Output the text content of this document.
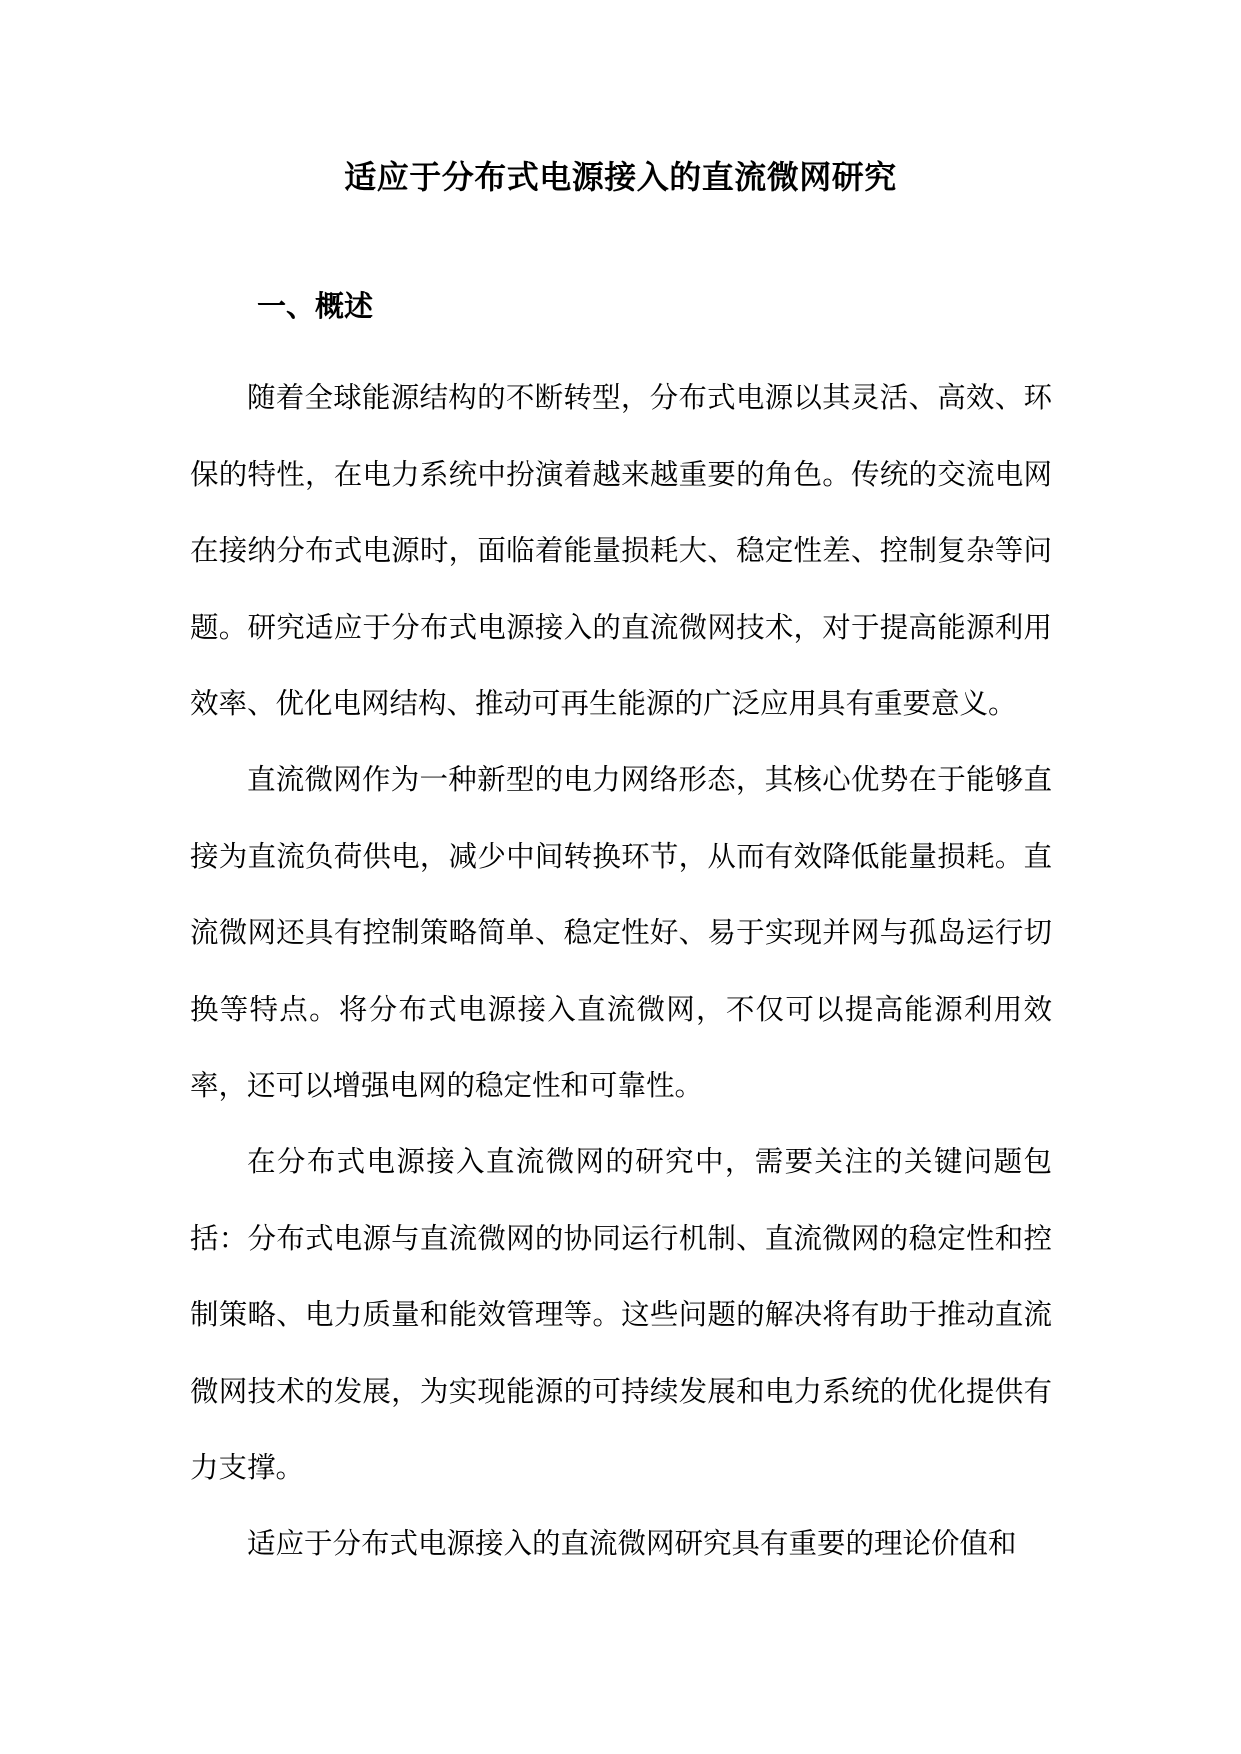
适应于分布式电源接入的直流微网研究
一、概述

随着全球能源结构的不断转型，分布式电源以其灵活、高效、环保的特性，在电力系统中扮演着越来越重要的角色。传统的交流电网在接纳分布式电源时，面临着能量损耗大、稳定性差、控制复杂等问题。研究适应于分布式电源接入的直流微网技术，对于提高能源利用效率、优化电网结构、推动可再生能源的广泛应用具有重要意义。

直流微网作为一种新型的电力网络形态，其核心优势在于能够直接为直流负荷供电，减少中间转换环节，从而有效降低能量损耗。直流微网还具有控制策略简单、稳定性好、易于实现并网与孤岛运行切换等特点。将分布式电源接入直流微网，不仅可以提高能源利用效率，还可以增强电网的稳定性和可靠性。

在分布式电源接入直流微网的研究中，需要关注的关键问题包括：分布式电源与直流微网的协同运行机制、直流微网的稳定性和控制策略、电力质量和能效管理等。这些问题的解决将有助于推动直流微网技术的发展，为实现能源的可持续发展和电力系统的优化提供有力支撑。

适应于分布式电源接入的直流微网研究具有重要的理论价值和
